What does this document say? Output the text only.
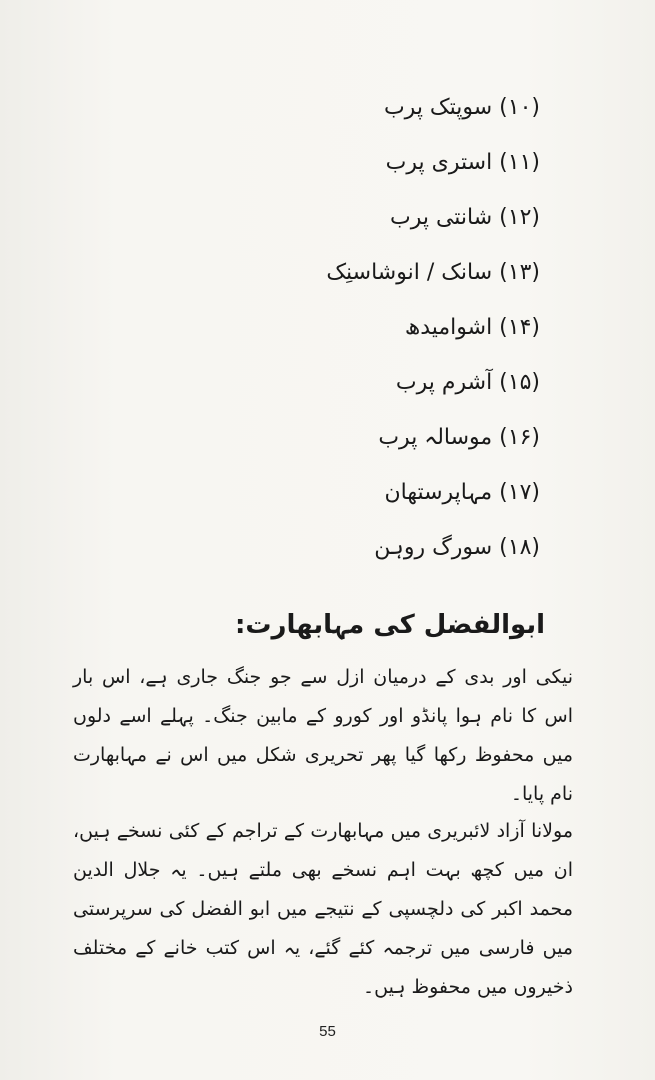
(۱۰) سوپتک پرب
(۱۱) استری پرب
(۱۲) شانتی پرب
(۱۳) سانک / انوشاسنِک
(۱۴) اشوامیدھ
(۱۵) آشرم پرب
(۱۶) موسالہ پرب
(۱۷) مہاپرستھان
(۱۸) سورگ روہن
ابوالفضل کی مہابھارت:

نیکی اور بدی کے درمیان ازل سے جو جنگ جاری ہے، اس بار اس کا نام ہوا پانڈو اور کورو کے مابین جنگ۔ پہلے اسے دلوں میں محفوظ رکھا گیا پھر تحریری شکل میں اس نے مہابھارت نام پایا۔

مولانا آزاد لائبریری میں مہابھارت کے تراجم کے کئی نسخے ہیں، ان میں کچھ بہت اہم نسخے بھی ملتے ہیں۔ یہ جلال الدین محمد اکبر کی دلچسپی کے نتیجے میں ابو الفضل کی سرپرستی میں فارسی میں ترجمہ کئے گئے، یہ اس کتب خانے کے مختلف ذخیروں میں محفوظ ہیں۔

55
